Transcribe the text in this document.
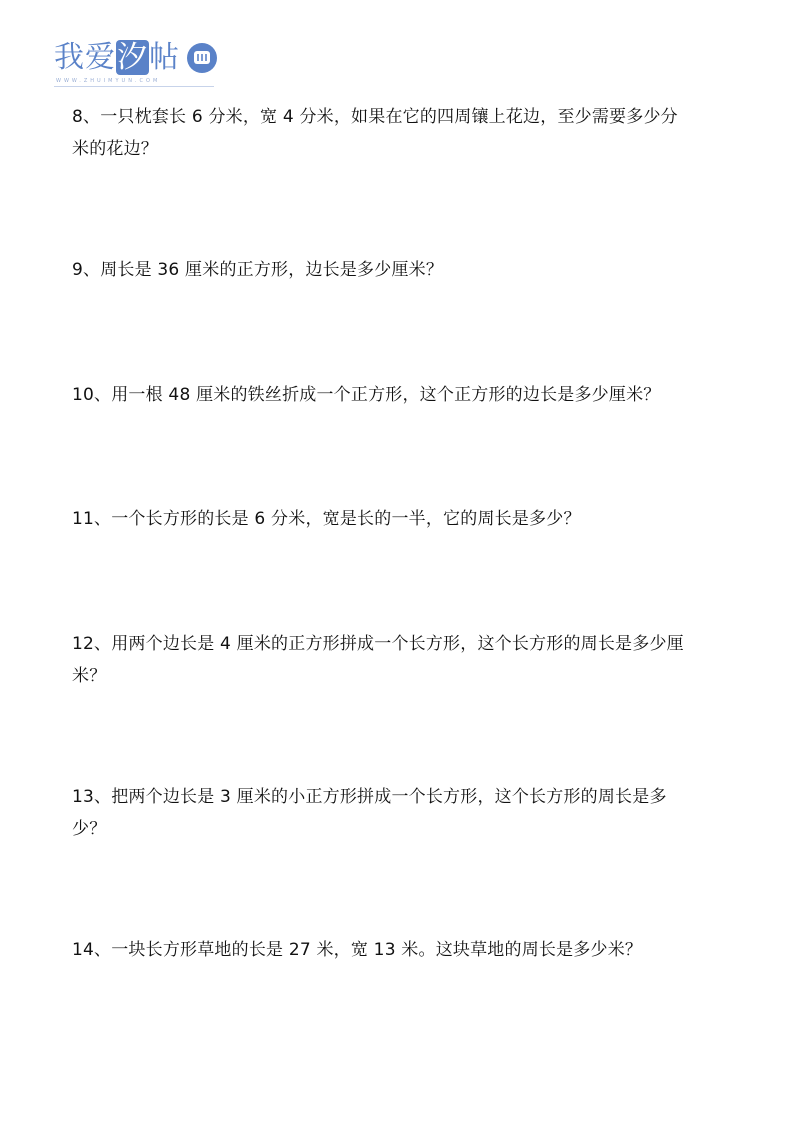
我爱汐帖
WWW.ZHUIMYUN.COM
8、一只枕套长 6 分米，宽 4 分米，如果在它的四周镶上花边，至少需要多少分
米的花边？
9、周长是 36 厘米的正方形，边长是多少厘米？
10、用一根 48 厘米的铁丝折成一个正方形，这个正方形的边长是多少厘米？
11、一个长方形的长是 6 分米，宽是长的一半，它的周长是多少？
12、用两个边长是 4 厘米的正方形拼成一个长方形，这个长方形的周长是多少厘
米？
13、把两个边长是 3 厘米的小正方形拼成一个长方形，这个长方形的周长是多
少？
14、一块长方形草地的长是 27 米，宽 13 米。这块草地的周长是多少米？
